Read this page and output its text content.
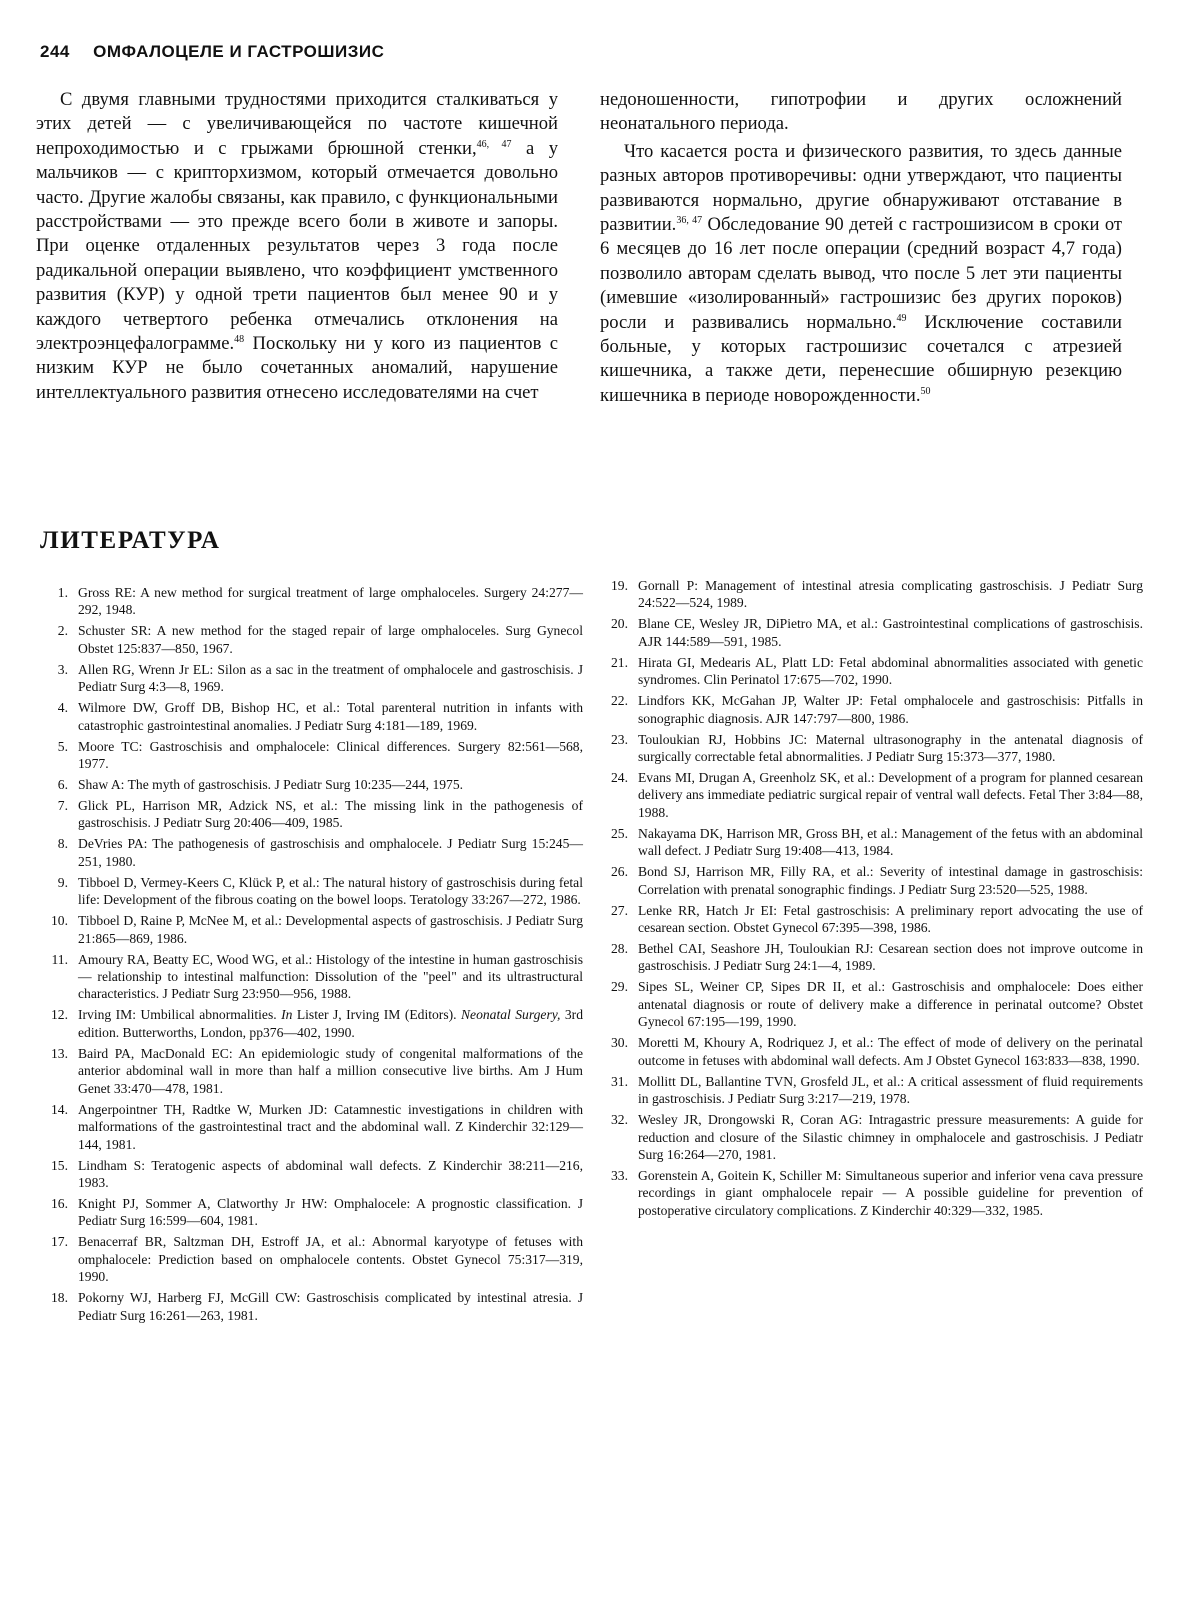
244 ОМФАЛОЦЕЛЕ И ГАСТРОШИЗИС

С двумя главными трудностями приходится сталкиваться у этих детей — с увеличивающейся по частоте кишечной непроходимостью и с грыжами брюшной стенки,$^{46, 47}$ а у мальчиков — с крипторхизмом, который отмечается довольно часто. Другие жалобы связаны, как правило, с функциональными расстройствами — это прежде всего боли в животе и запоры. При оценке отдаленных результатов через 3 года после радикальной операции выявлено, что коэффициент умственного развития (КУР) у одной трети пациентов был менее 90 и у каждого четвертого ребенка отмечались отклонения на электроэнцефалограмме.$^{48}$ Поскольку ни у кого из пациентов с низким КУР не было сочетанных аномалий, нарушение интеллектуального развития отнесено исследователями на счет

недоношенности, гипотрофии и других осложнений неонатального периода.

Что касается роста и физического развития, то здесь данные разных авторов противоречивы: одни утверждают, что пациенты развиваются нормально, другие обнаруживают отставание в развитии.$^{36, 47}$ Обследование 90 детей с гастрошизисом в сроки от 6 месяцев до 16 лет после операции (средний возраст 4,7 года) позволило авторам сделать вывод, что после 5 лет эти пациенты (имевшие «изолированный» гастрошизис без других пороков) росли и развивались нормально.$^{49}$ Исключение составили больные, у которых гастрошизис сочетался с атрезией кишечника, а также дети, перенесшие обширную резекцию кишечника в периоде новорожденности.$^{50}$

ЛИТЕРАТУРА
1. Gross RE: A new method for surgical treatment of large omphaloceles. Surgery 24:277—292, 1948.
2. Schuster SR: A new method for the staged repair of large omphaloceles. Surg Gynecol Obstet 125:837—850, 1967.
3. Allen RG, Wrenn Jr EL: Silon as a sac in the treatment of omphalocele and gastroschisis. J Pediatr Surg 4:3—8, 1969.
4. Wilmore DW, Groff DB, Bishop HC, et al.: Total parenteral nutrition in infants with catastrophic gastrointestinal anomalies. J Pediatr Surg 4:181—189, 1969.
5. Moore TC: Gastroschisis and omphalocele: Clinical differences. Surgery 82:561—568, 1977.
6. Shaw A: The myth of gastroschisis. J Pediatr Surg 10:235—244, 1975.
7. Glick PL, Harrison MR, Adzick NS, et al.: The missing link in the pathogenesis of gastroschisis. J Pediatr Surg 20:406—409, 1985.
8. DeVries PA: The pathogenesis of gastroschisis and omphalocele. J Pediatr Surg 15:245—251, 1980.
9. Tibboel D, Vermey-Keers C, Klück P, et al.: The natural history of gastroschisis during fetal life: Development of the fibrous coating on the bowel loops. Teratology 33:267—272, 1986.
10. Tibboel D, Raine P, McNee M, et al.: Developmental aspects of gastroschisis. J Pediatr Surg 21:865—869, 1986.
11. Amoury RA, Beatty EC, Wood WG, et al.: Histology of the intestine in human gastroschisis — relationship to intestinal malfunction: Dissolution of the "peel" and its ultrastructural characteristics. J Pediatr Surg 23:950—956, 1988.
12. Irving IM: Umbilical abnormalities. In Lister J, Irving IM (Editors). Neonatal Surgery, 3rd edition. Butterworths, London, pp376—402, 1990.
13. Baird PA, MacDonald EC: An epidemiologic study of congenital malformations of the anterior abdominal wall in more than half a million consecutive live births. Am J Hum Genet 33:470—478, 1981.
14. Angerpointner TH, Radtke W, Murken JD: Catamnestic investigations in children with malformations of the gastrointestinal tract and the abdominal wall. Z Kinderchir 32:129—144, 1981.
15. Lindham S: Teratogenic aspects of abdominal wall defects. Z Kinderchir 38:211—216, 1983.
16. Knight PJ, Sommer A, Clatworthy Jr HW: Omphalocele: A prognostic classification. J Pediatr Surg 16:599—604, 1981.
17. Benacerraf BR, Saltzman DH, Estroff JA, et al.: Abnormal karyotype of fetuses with omphalocele: Prediction based on omphalocele contents. Obstet Gynecol 75:317—319, 1990.
18. Pokorny WJ, Harberg FJ, McGill CW: Gastroschisis complicated by intestinal atresia. J Pediatr Surg 16:261—263, 1981.
19. Gornall P: Management of intestinal atresia complicating gastroschisis. J Pediatr Surg 24:522—524, 1989.
20. Blane CE, Wesley JR, DiPietro MA, et al.: Gastrointestinal complications of gastroschisis. AJR 144:589—591, 1985.
21. Hirata GI, Medearis AL, Platt LD: Fetal abdominal abnormalities associated with genetic syndromes. Clin Perinatol 17:675—702, 1990.
22. Lindfors KK, McGahan JP, Walter JP: Fetal omphalocele and gastroschisis: Pitfalls in sonographic diagnosis. AJR 147:797—800, 1986.
23. Touloukian RJ, Hobbins JC: Maternal ultrasonography in the antenatal diagnosis of surgically correctable fetal abnormalities. J Pediatr Surg 15:373—377, 1980.
24. Evans MI, Drugan A, Greenholz SK, et al.: Development of a program for planned cesarean delivery ans immediate pediatric surgical repair of ventral wall defects. Fetal Ther 3:84—88, 1988.
25. Nakayama DK, Harrison MR, Gross BH, et al.: Management of the fetus with an abdominal wall defect. J Pediatr Surg 19:408—413, 1984.
26. Bond SJ, Harrison MR, Filly RA, et al.: Severity of intestinal damage in gastroschisis: Correlation with prenatal sonographic findings. J Pediatr Surg 23:520—525, 1988.
27. Lenke RR, Hatch Jr EI: Fetal gastroschisis: A preliminary report advocating the use of cesarean section. Obstet Gynecol 67:395—398, 1986.
28. Bethel CAI, Seashore JH, Touloukian RJ: Cesarean section does not improve outcome in gastroschisis. J Pediatr Surg 24:1—4, 1989.
29. Sipes SL, Weiner CP, Sipes DR II, et al.: Gastroschisis and omphalocele: Does either antenatal diagnosis or route of delivery make a difference in perinatal outcome? Obstet Gynecol 67:195—199, 1990.
30. Moretti M, Khoury A, Rodriquez J, et al.: The effect of mode of delivery on the perinatal outcome in fetuses with abdominal wall defects. Am J Obstet Gynecol 163:833—838, 1990.
31. Mollitt DL, Ballantine TVN, Grosfeld JL, et al.: A critical assessment of fluid requirements in gastroschisis. J Pediatr Surg 3:217—219, 1978.
32. Wesley JR, Drongowski R, Coran AG: Intragastric pressure measurements: A guide for reduction and closure of the Silastic chimney in omphalocele and gastroschisis. J Pediatr Surg 16:264—270, 1981.
33. Gorenstein A, Goitein K, Schiller M: Simultaneous superior and inferior vena cava pressure recordings in giant omphalocele repair — A possible guideline for prevention of postoperative circulatory complications. Z Kinderchir 40:329—332, 1985.
